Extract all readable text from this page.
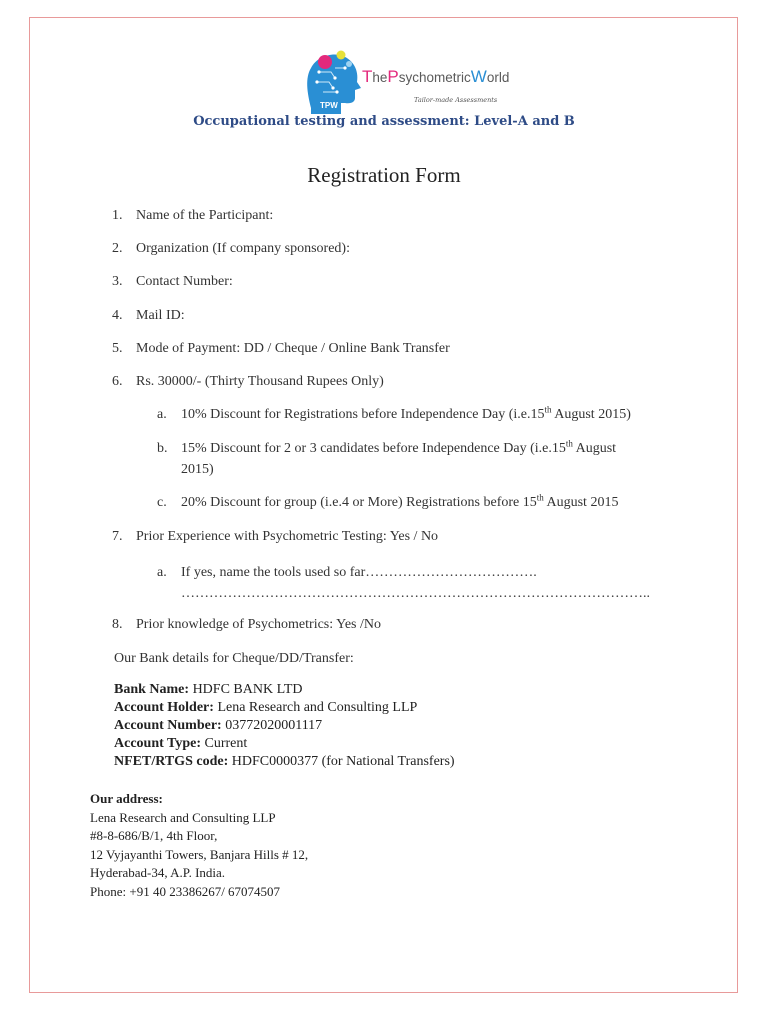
TPW
ThePsychometricWorld
Tailor-made Assessments
Occupational testing and assessment: Level-A and B
Registration Form
1. Name of the Participant:
2. Organization (If company sponsored):
3. Contact Number:
4. Mail ID:
5. Mode of Payment: DD / Cheque / Online Bank Transfer
6. Rs. 30000/- (Thirty Thousand Rupees Only)
a.	10% Discount for Registrations before Independence Day (i.e.15th August 2015)
b. 15% Discount for 2 or 3 candidates before Independence Day (i.e.15th August
2015)
c.	20% Discount for group (i.e.4 or More) Registrations before 15th August 2015
7. Prior Experience with Psychometric Testing: Yes / No
a.	If yes, name the tools used so far……………………………….
………………………………………………………………………………………..
8. Prior knowledge of Psychometrics: Yes /No
Our Bank details for Cheque/DD/Transfer:
Bank Name: HDFC BANK LTD
Account Holder: Lena Research and Consulting LLP
Account Number: 03772020001117
Account Type: Current
NFET/RTGS code: HDFC0000377 (for National Transfers)
Our address:
Lena Research and Consulting LLP
#8-8-686/B/1, 4th Floor,
12 Vyjayanthi Towers, Banjara Hills # 12,
Hyderabad-34, A.P. India.
Phone: +91 40 23386267/ 67074507
